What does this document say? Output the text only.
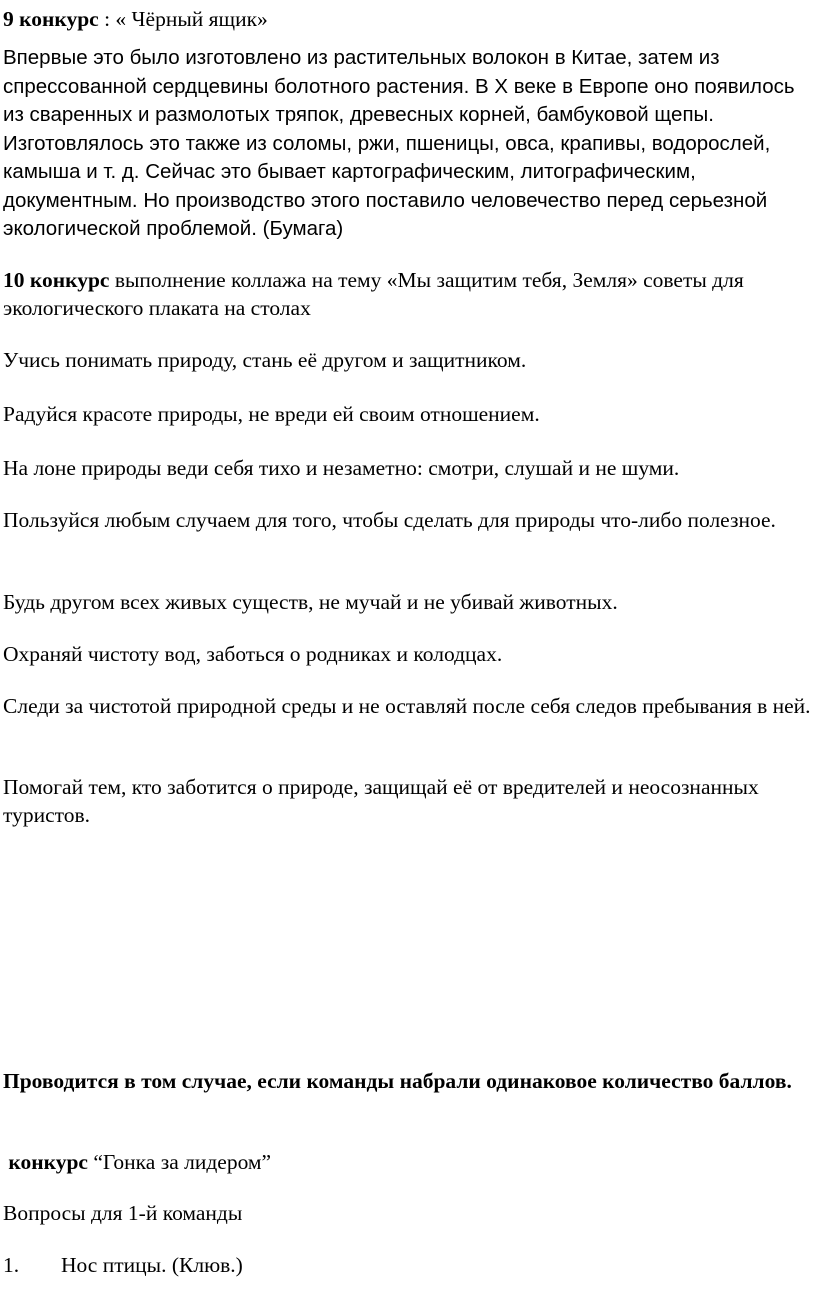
9 конкурс : « Чёрный ящик»

Впервые это было изготовлено из растительных волокон в Китае, затем из спрессованной сердцевины болотного растения. В X веке в Европе оно появилось из сваренных и размолотых тряпок, древесных корней, бамбуковой щепы. Изготовлялось это также из соломы, ржи, пшеницы, овса, крапивы, водорослей, камыша и т. д. Сейчас это бывает картографическим, литографическим, документным. Но производство этого поставило человечество перед серьезной экологической проблемой. (Бумага)

10 конкурс выполнение коллажа на тему «Мы защитим тебя, Земля» советы для экологического плаката на столах

Учись понимать природу, стань её другом и защитником.

Радуйся красоте природы, не вреди ей своим отношением.

На лоне природы веди себя тихо и незаметно: смотри, слушай и не шуми.

Пользуйся любым случаем для того, чтобы сделать для природы что-либо полезное.

Будь другом всех живых существ, не мучай и не убивай животных.

Охраняй чистоту вод, заботься о родниках и колодцах.

Следи за чистотой природной среды и не оставляй после себя следов пребывания в ней.

Помогай тем, кто заботится о природе, защищай её от вредителей и неосознанных туристов.

Проводится в том случае, если команды набрали одинаковое количество баллов.

конкурс “Гонка за лидером”

Вопросы для 1-й команды

1. Нос птицы. (Клюв.)
